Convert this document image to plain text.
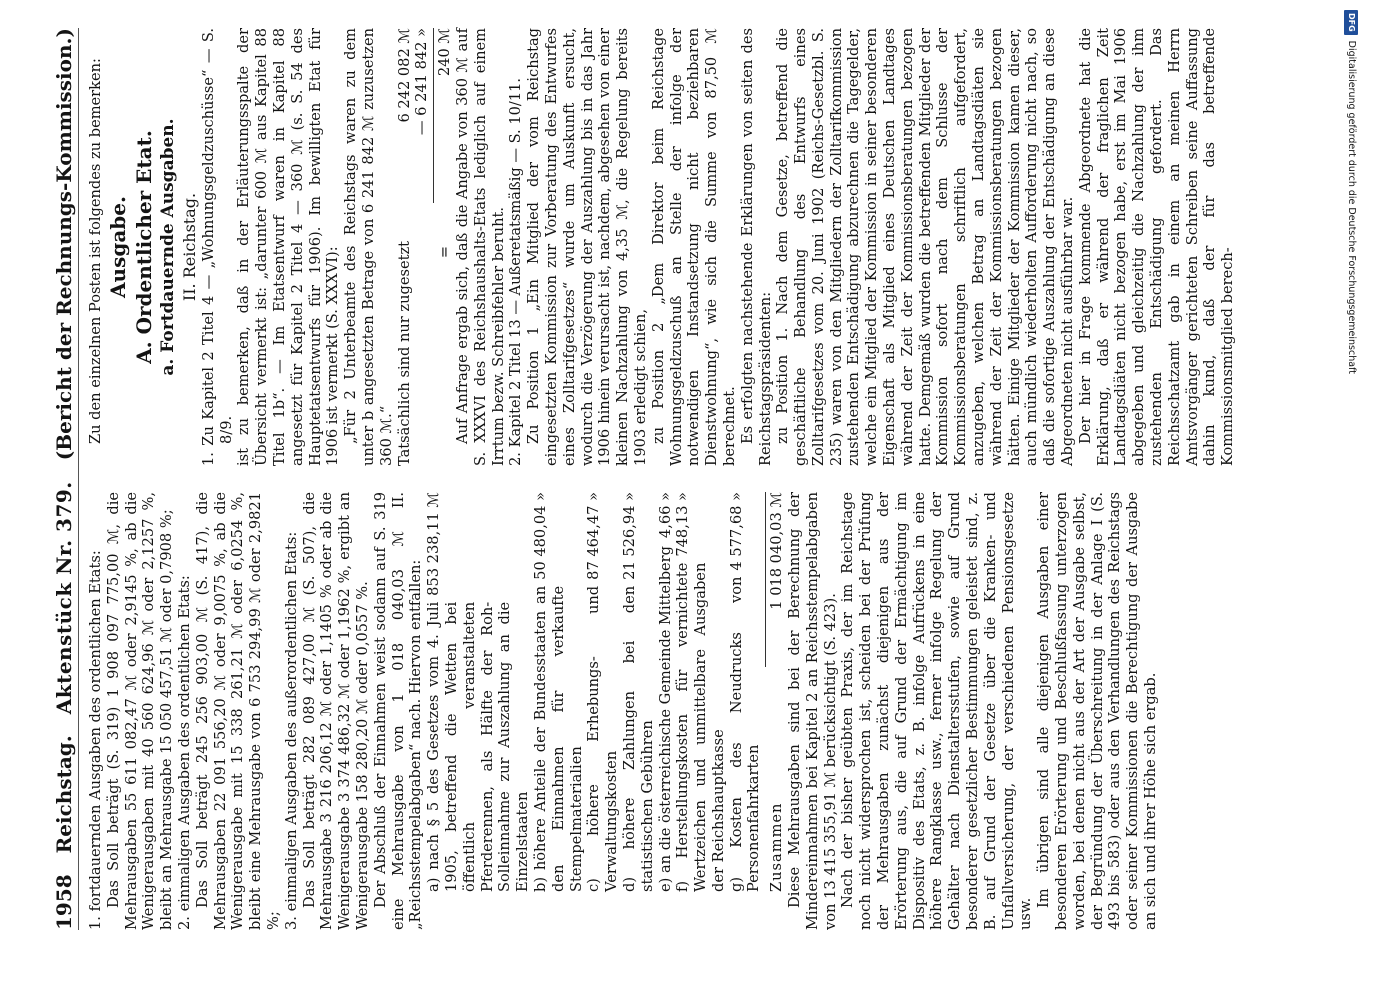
1958
Reichstag.
Aktenstück Nr. 379.
(Bericht der Rechnungs-Kommission.)

1. fortdauernden Ausgaben des ordentlichen Etats: Das Soll beträgt (S. 319) 1 908 097 775,00 ℳ, die Mehrausgaben 55 611 082,47 ℳ oder 2,9145 %, ab die Wenigerausgaben mit 40 560 624,96 ℳ oder 2,1257 %, bleibt an Mehrausgabe 15 050 457,51 ℳ oder 0,7908 %; 2. einmaligen Ausgaben des ordentlichen Etats: Das Soll beträgt 245 256 903,00 ℳ (S. 417), die Mehrausgaben 22 091 556,20 ℳ oder 9,0075 %, ab die Wenigerausgabe mit 15 338 261,21 ℳ oder 6,0254 %, bleibt eine Mehrausgabe von 6 753 294,99 ℳ oder 2,9821 %; 3. einmaligen Ausgaben des außerordentlichen Etats: Das Soll beträgt 282 089 427,00 ℳ (S. 507), die Mehrausgabe 3 216 206,12 ℳ oder 1,1405 % oder ab die Wenigerausgabe 3 374 486,32 ℳ oder 1,1962 %, ergibt an Wenigerausgabe 158 280,20 ℳ oder 0,0557 %. Der Abschluß der Einnahmen weist sodann auf S. 319 eine Mehrausgabe von 1 018 040,03 ℳ II. „Reichsstempelabgaben“ nach. Hiervon entfallen: a) nach § 5 des Gesetzes vom 4. Juli 1905, betreffend die Wetten bei öffentlich veranstalteten Pferderennen, als Hälfte der Roh-Solleinnahme zur Auszahlung an die Einzelstaaten
853 238,11 ℳ
b) höhere Anteile der Bundesstaaten an den Einnahmen für verkaufte Stempelmaterialien
50 480,04 »
c) höhere Erhebungs- und Verwaltungskosten
87 464,47 »
d) höhere Zahlungen bei den statistischen Gebühren
21 526,94 »
e) an die österreichische Gemeinde Mittelberg
4,66 »
f) Herstellungskosten für vernichtete Wertzeichen und unmittelbare Ausgaben der Reichshauptkasse
748,13 »
g) Kosten des Neudrucks von Personenfahrkarten
4 577,68 »
Zusammen
1 018 040,03 ℳ Diese Mehrausgaben sind bei der Berechnung der Mindereinnahmen bei Kapitel 2 an Reichsstempelabgaben von 13 415 355,91 ℳ berücksichtigt (S. 423). Nach der bisher geübten Praxis, der im Reichstage noch nicht widersprochen ist, scheiden bei der Prüfung der Mehrausgaben zunächst diejenigen aus der Erörterung aus, die auf Grund der Ermächtigung im Dispositiv des Etats, z. B. infolge Aufrückens in eine höhere Rangklasse usw., ferner infolge Regelung der Gehälter nach Dienstaltersstufen, sowie auf Grund besonderer gesetzlicher Bestimmungen geleistet sind, z. B. auf Grund der Gesetze über die Kranken- und Unfallversicherung, der verschiedenen Pensionsgesetze usw.

Im übrigen sind alle diejenigen Ausgaben einer besonderen Erörterung und Beschlußfassung unterzogen worden, bei denen nicht aus der Art der Ausgabe selbst, der Begründung der Überschreitung in der Anlage I (S. 493 bis 583) oder aus den Verhandlungen des Reichstags oder seiner Kommissionen die Berechtigung der Ausgabe an sich und ihrer Höhe sich ergab.

Zu den einzelnen Posten ist folgendes zu bemerken: Ausgabe. A. Ordentlicher Etat. a. Fortdauernde Ausgaben. II. Reichstag. 1. Zu Kapitel 2 Titel 4 — „Wohnungsgeldzuschüsse“ — S. 8/9. ist zu bemerken, daß in der Erläuterungsspalte der Übersicht vermerkt ist: „darunter 600 ℳ aus Kapitel 88 Titel 1b“. — Im Etatsentwurf waren in Kapitel 88 angesetzt für Kapitel 2 Titel 4 — 360 ℳ (s. S. 54 des Hauptetatsentwurfs für 1906). Im bewilligten Etat für 1906 ist vermerkt (S. XXXVI): „Für 2 Unterbeamte des Reichstags waren zu dem unter b angesetzten Betrage von 6 241 842 ℳ zuzusetzen 360 ℳ.“ Tatsächlich sind nur zugesetzt
6 242 082 ℳ — 6 241 842 »
=
240 ℳ Auf Anfrage ergab sich, daß die Angabe von 360 ℳ auf S. XXXVI des Reichshaushalts-Etats lediglich auf einem Irrtum bezw. Schreibfehler beruht. 2. Kapitel 2 Titel 13 — Außeretatsmäßig — S. 10/11. Zu Position 1 „Ein Mitglied der vom Reichstag eingesetzten Kommission zur Vorberatung des Entwurfes eines Zolltarifgesetzes“ wurde um Auskunft ersucht, wodurch die Verzögerung der Auszahlung bis in das Jahr 1906 hinein verursacht ist, nachdem, abgesehen von einer kleinen Nachzahlung von 4,35 ℳ, die Regelung bereits 1903 erledigt schien, zu Position 2 „Dem Direktor beim Reichstage Wohnungsgeldzuschuß an Stelle der infolge der notwendigen Instandsetzung nicht beziehbaren Dienstwohnung“, wie sich die Summe von 87,50 ℳ berechnet. Es erfolgten nachstehende Erklärungen von seiten des Reichstagspräsidenten: zu Position 1. Nach dem Gesetze, betreffend die geschäftliche Behandlung des Entwurfs eines Zolltarifgesetzes vom 20. Juni 1902 (Reichs-Gesetzbl. S. 235) waren von den Mitgliedern der Zolltarifkommission zustehenden Entschädigung abzurechnen die Tagegelder, welche ein Mitglied der Kommission in seiner besonderen Eigenschaft als Mitglied eines Deutschen Landtages während der Zeit der Kommissionsberatungen bezogen hatte. Demgemäß wurden die betreffenden Mitglieder der Kommission sofort nach dem Schlusse der Kommissionsberatungen schriftlich aufgefordert, anzugeben, welchen Betrag an Landtagsdiäten sie während der Zeit der Kommissionsberatungen bezogen hätten. Einige Mitglieder der Kommission kamen dieser, auch mündlich wiederholten Aufforderung nicht nach, so daß die sofortige Auszahlung der Entschädigung an diese Abgeordneten nicht ausführbar war. Der hier in Frage kommende Abgeordnete hat die Erklärung, daß er während der fraglichen Zeit Landtagsdiäten nicht bezogen habe, erst im Mai 1906 abgegeben und gleichzeitig die Nachzahlung der ihm zustehenden Entschädigung gefordert. Das Reichsschatzamt gab in einem an meinen Herrn Amtsvorgänger gerichteten Schreiben seine Auffassung dahin kund, daß der für das betreffende Kommissionsmitglied berech-

DFG
Digitalisierung gefördert durch die Deutsche Forschungsgemeinschaft
